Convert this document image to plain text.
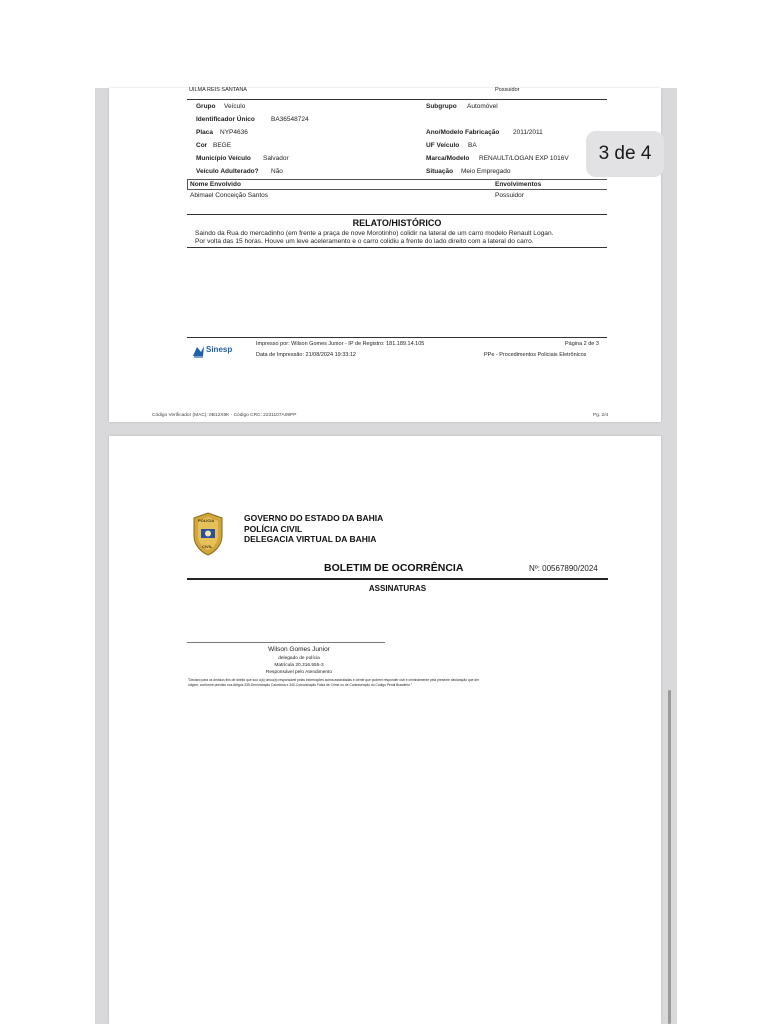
UILMA REIS SANTANA	Possuidor
Grupo Veículo	Subgrupo Automóvel
Identificador Único BA36548724
Placa NYP4636	Ano/Modelo Fabricação 2011/2011
Cor BEGE	UF Veículo BA
Município Veículo Salvador	Marca/Modelo RENAULT/LOGAN EXP 1016V
Veículo Adulterado? Não	Situação Meio Empregado
Nome Envolvido	Envolvimentos
Abimael Conceição Santos	Possuidor
RELATO/HISTÓRICO
Saindo da Rua do mercadinho (em frente a praça de nove Morotinho) colidir na lateral de um carro modelo Renault Logan.
Por volta das 15 horas. Houve um leve aceleramento e o carro colidiu a frente do lado direito com a lateral do carro.
Sinesp
Impresso por: Wilson Gomes Junior - IP de Registro: 181.189.14.105
Data de Impressão: 21/08/2024 19:33:12
Página 2 de 3
PPe - Procedimentos Policiais Eletrônicos
Código Verificador (MAC): 0B12X8K - Código CRC: 2231107A09PP	Pg. 2/4
POLÍCIA
CIVIL
GOVERNO DO ESTADO DA BAHIA
POLÍCIA CIVIL
DELEGACIA VIRTUAL DA BAHIA
BOLETIM DE OCORRÊNCIA	Nº: 00567890/2024
ASSINATURAS
Wilson Gomes Junior
delegado de polícia
Matrícula 20.316.555-3
Responsável pelo Atendimento
"Declaro para os devidos fins de direito que sou o(a) único(a) responsável pelas informações acima assinaladas e ciente que poderei responder civil e criminalmente pela presente declaração que der
origem, conforme previsto nos Artigos 339-Denunciação Caluniosa e 340-Comunicação Falsa de Crime ou de Contravenção do Código Penal Brasileiro."
3 de 4
